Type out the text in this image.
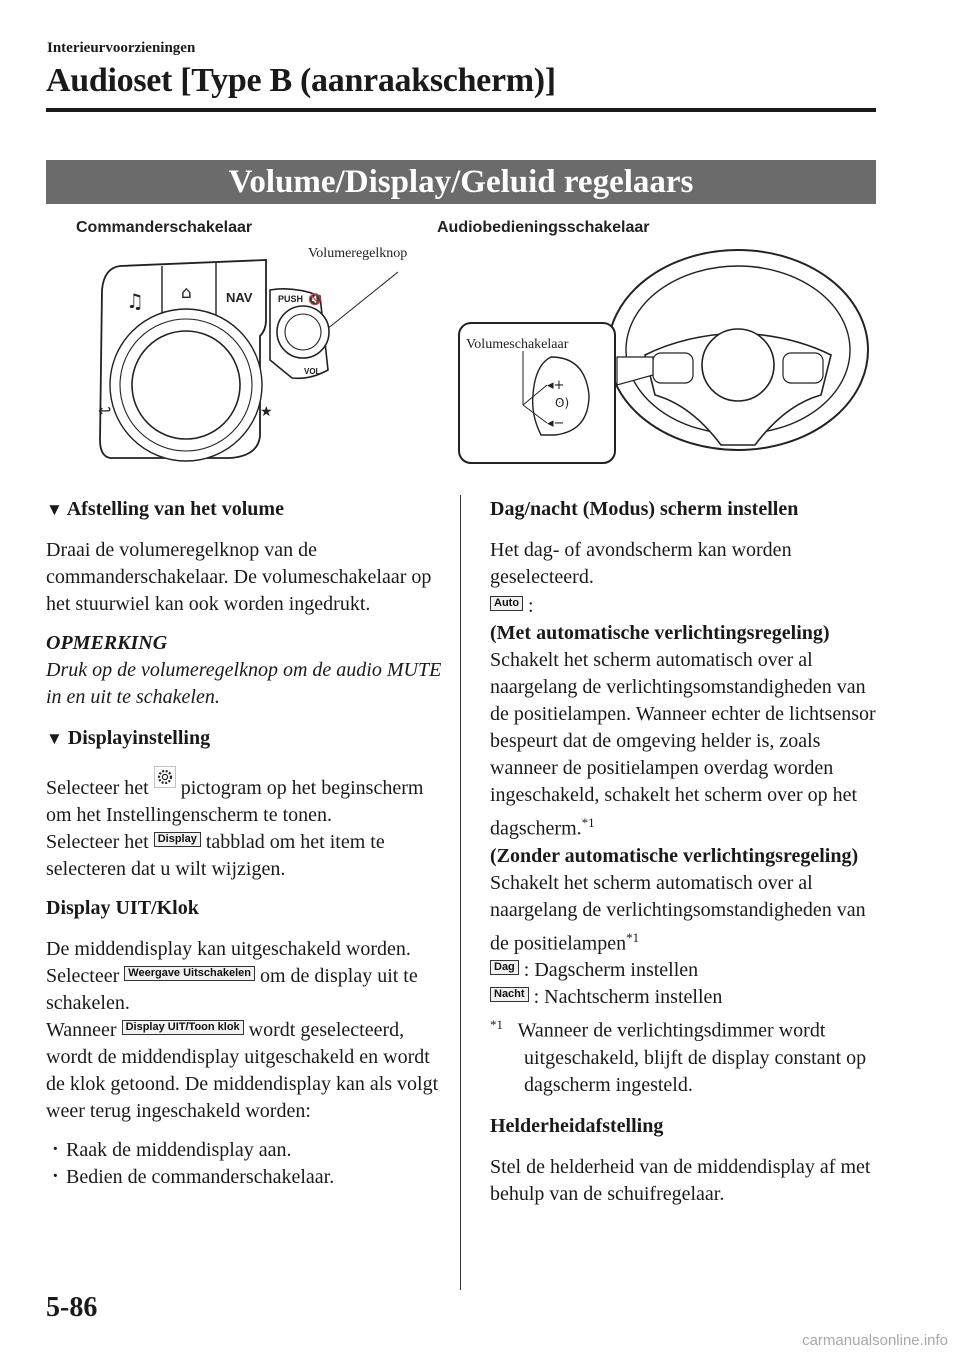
Interieurvoorzieningen
Audioset [Type B (aanraakscherm)]
Volume/Display/Geluid regelaars
Commanderschakelaar
Volumeregelknop
♫ ⌂	NAV
↩	★
PUSH 🔇
VOL
Audiobedieningsschakelaar
◂+
ʘ)
◂−
Volumeschakelaar
▼ Afstelling van het volume

Draai de volumeregelknop van de commanderschakelaar. De volumeschakelaar op het stuurwiel kan ook worden ingedrukt.

OPMERKING
Druk op de volumeregelknop om de audio MUTE in en uit te schakelen.
▼ Displayinstelling

Selecteer het pictogram op het beginscherm om het Instellingenscherm te tonen.

Selecteer het Display tabblad om het item te selecteren dat u wilt wijzigen.

Display UIT/Klok

De middendisplay kan uitgeschakeld worden. Selecteer Weergave Uitschakelen om de display uit te schakelen.

Wanneer Display UIT/Toon klok wordt geselecteerd, wordt de middendisplay uitgeschakeld en wordt de klok getoond. De middendisplay kan als volgt weer terug ingeschakeld worden:

· Raak de middendisplay aan.
· Bedien de commanderschakelaar.
Dag/nacht (Modus) scherm instellen

Het dag- of avondscherm kan worden geselecteerd.

Auto :
(Met automatische verlichtingsregeling)
Schakelt het scherm automatisch over al naargelang de verlichtingsomstandigheden van de positielampen. Wanneer echter de lichtsensor bespeurt dat de omgeving helder is, zoals wanneer de positielampen overdag worden ingeschakeld, schakelt het scherm over op het dagscherm.$^{*1}$
(Zonder automatische verlichtingsregeling)
Schakelt het scherm automatisch over al naargelang de verlichtingsomstandigheden van de positielampen$^{*1}$
Dag : Dagscherm instellen
Nacht : Nachtscherm instellen
$^{*1}$ Wanneer de verlichtingsdimmer wordt uitgeschakeld, blijft de display constant op dagscherm ingesteld.
Helderheidafstelling

Stel de helderheid van de middendisplay af met behulp van de schuifregelaar.

5-86
carmanualsonline.info
